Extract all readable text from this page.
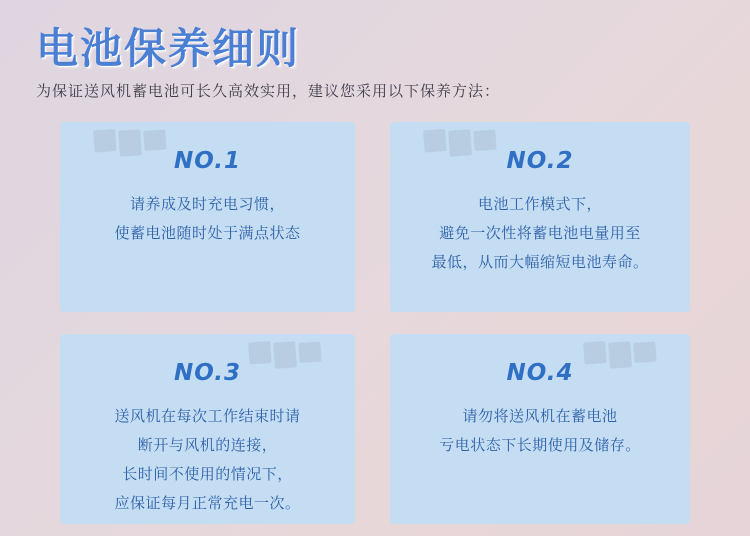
电池保养细则
为保证送风机蓄电池可长久高效实用，建议您采用以下保养方法：
NO.1
请养成及时充电习惯，
使蓄电池随时处于满点状态
NO.2
电池工作模式下，
避免一次性将蓄电池电量用至
最低，从而大幅缩短电池寿命。
NO.3
送风机在每次工作结束时请
断开与风机的连接，
长时间不使用的情况下，
应保证每月正常充电一次。
NO.4
请勿将送风机在蓄电池
亏电状态下长期使用及储存。
